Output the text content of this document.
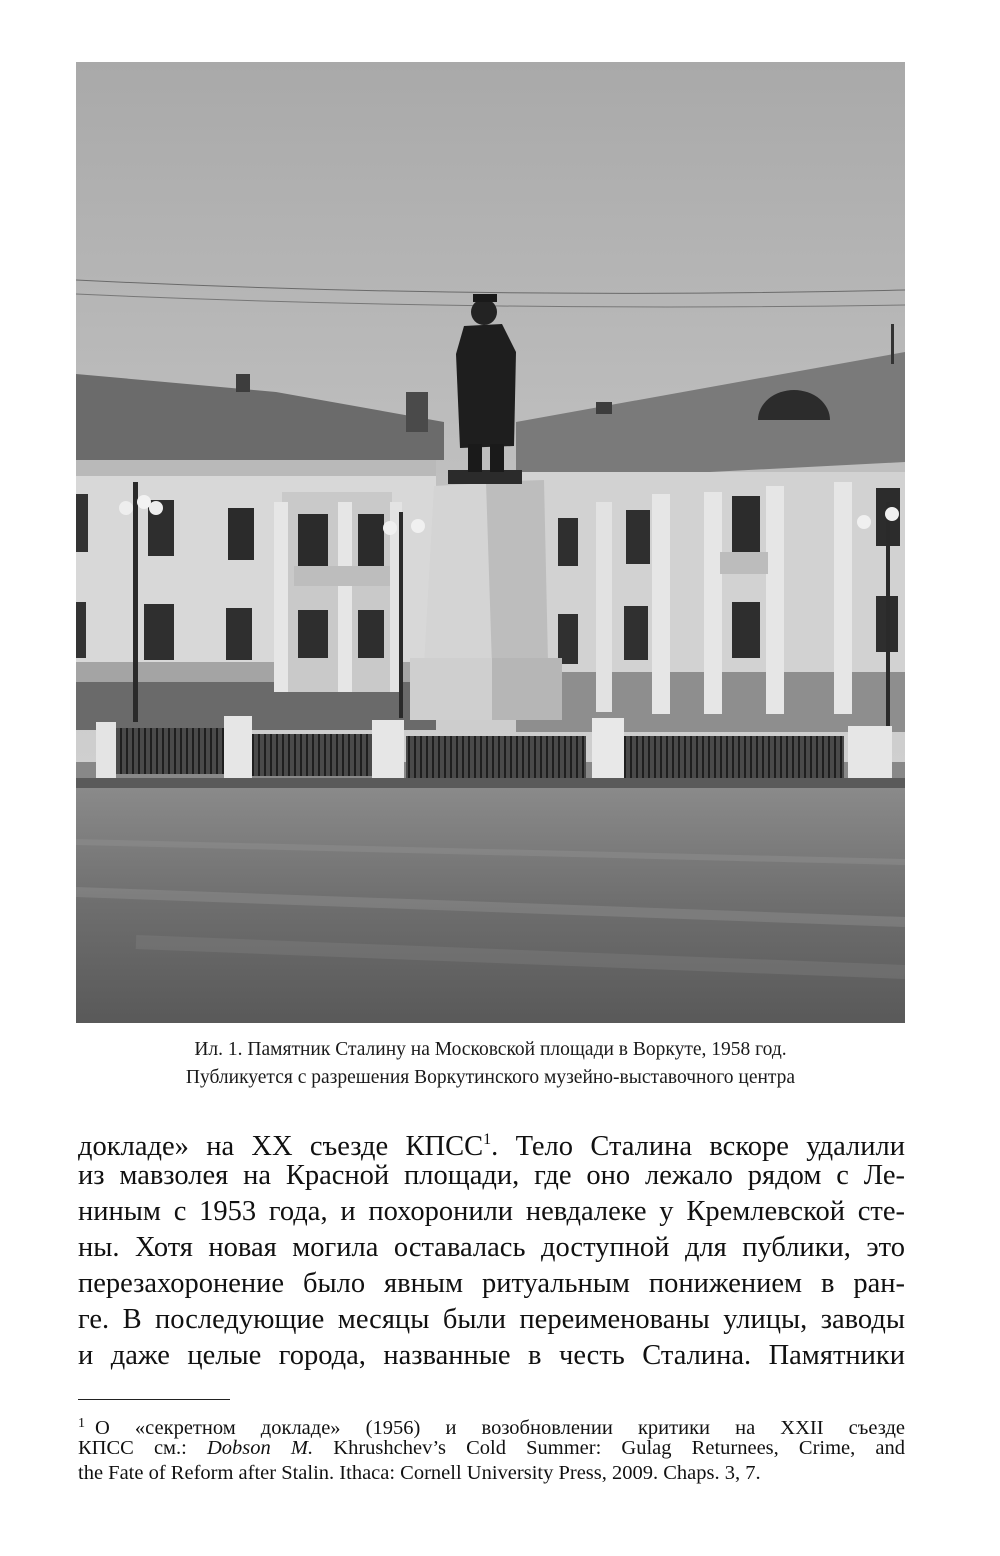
Ил. 1. Памятник Сталину на Московской площади в Воркуте, 1958 год.
Публикуется с разрешения Воркутинского музейно-выставочного центра
докладе» на XX съезде КПСС$^1$. Тело Сталина вскоре удалили
из мавзолея на Красной площади, где оно лежало рядом с Ле-
ниным с 1953 года, и похоронили невдалеке у Кремлевской сте-
ны. Хотя новая могила оставалась доступной для публики, это
перезахоронение было явным ритуальным понижением в ран-
ге. В последующие месяцы были переименованы улицы, заводы
и даже целые города, названные в честь Сталина. Памятники
$^1$ О «секретном докладе» (1956) и возобновлении критики на XXII съезде
КПСС см.: Dobson M. Khrushchev’s Cold Summer: Gulag Returnees, Crime, and
the Fate of Reform after Stalin. Ithaca: Cornell University Press, 2009. Chaps. 3, 7.
